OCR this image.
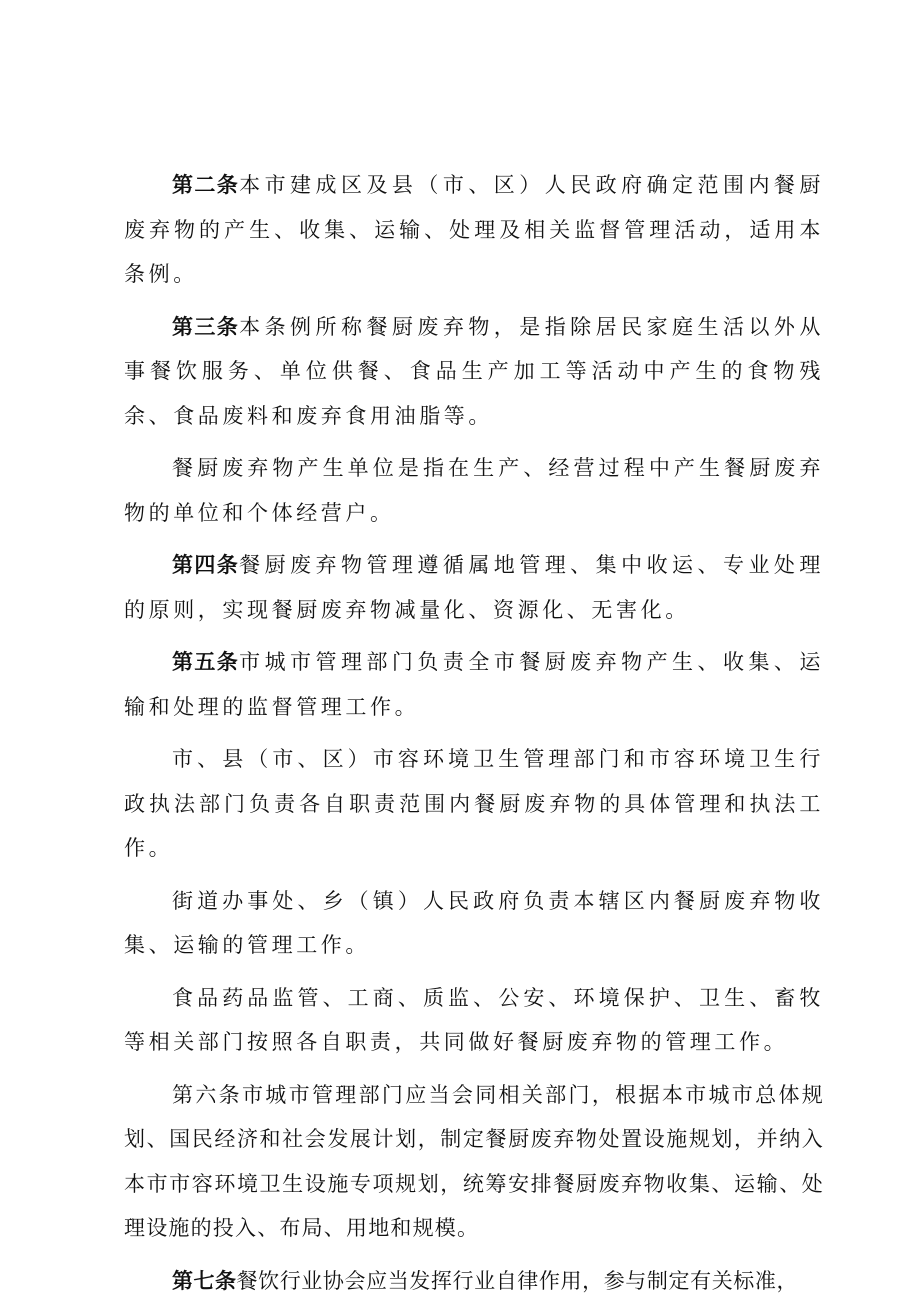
第二条本市建成区及县（市、区）人民政府确定范围内餐厨废弃物的产生、收集、运输、处理及相关监督管理活动，适用本条例。

第三条本条例所称餐厨废弃物，是指除居民家庭生活以外从事餐饮服务、单位供餐、食品生产加工等活动中产生的食物残余、食品废料和废弃食用油脂等。

餐厨废弃物产生单位是指在生产、经营过程中产生餐厨废弃物的单位和个体经营户。

第四条餐厨废弃物管理遵循属地管理、集中收运、专业处理的原则，实现餐厨废弃物减量化、资源化、无害化。

第五条市城市管理部门负责全市餐厨废弃物产生、收集、运输和处理的监督管理工作。

市、县（市、区）市容环境卫生管理部门和市容环境卫生行政执法部门负责各自职责范围内餐厨废弃物的具体管理和执法工作。

街道办事处、乡（镇）人民政府负责本辖区内餐厨废弃物收集、运输的管理工作。

食品药品监管、工商、质监、公安、环境保护、卫生、畜牧等相关部门按照各自职责，共同做好餐厨废弃物的管理工作。

第六条市城市管理部门应当会同相关部门，根据本市城市总体规划、国民经济和社会发展计划，制定餐厨废弃物处置设施规划，并纳入本市市容环境卫生设施专项规划，统筹安排餐厨废弃物收集、运输、处理设施的投入、布局、用地和规模。

第七条餐饮行业协会应当发挥行业自律作用，参与制定有关标准，
